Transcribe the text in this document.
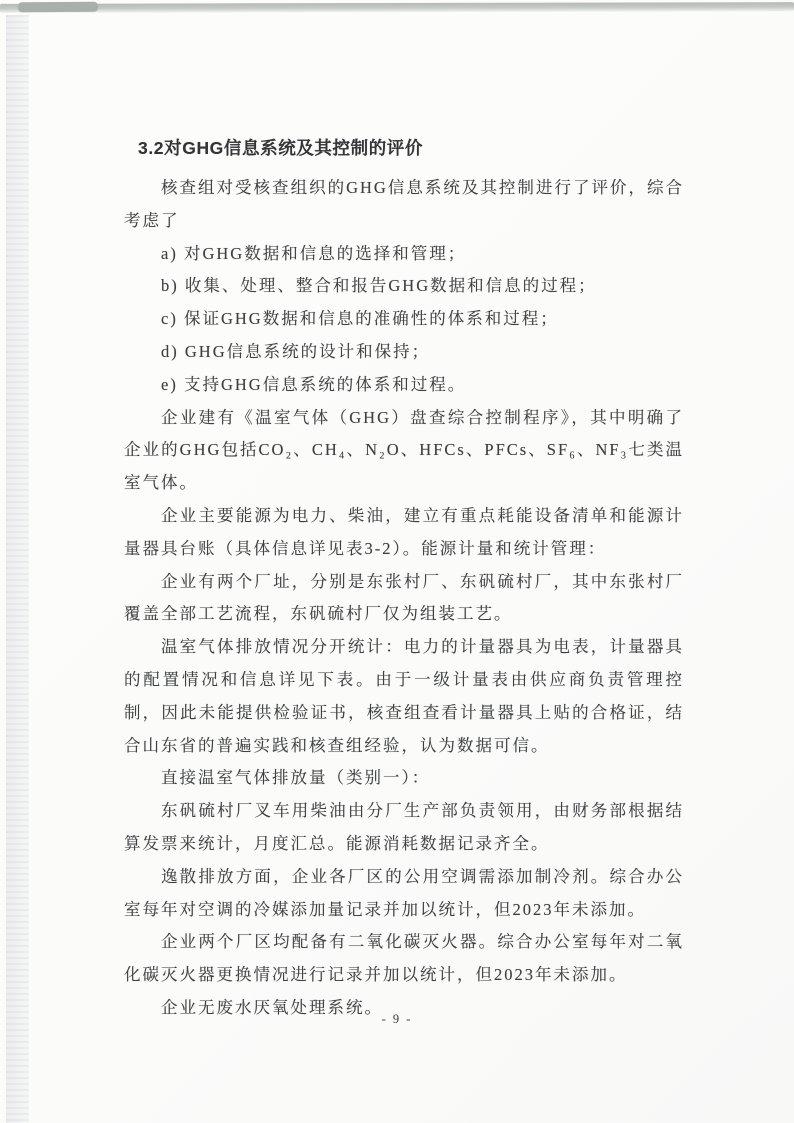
3.2对GHG信息系统及其控制的评价

核查组对受核查组织的GHG信息系统及其控制进行了评价，综合考虑了

a) 对GHG数据和信息的选择和管理；

b) 收集、处理、整合和报告GHG数据和信息的过程；

c) 保证GHG数据和信息的准确性的体系和过程；

d) GHG信息系统的设计和保持；

e) 支持GHG信息系统的体系和过程。

企业建有《温室气体（GHG）盘查综合控制程序》，其中明确了企业的GHG包括CO₂、CH₄、N₂O、HFCs、PFCs、SF₆、NF₃七类温室气体。

企业主要能源为电力、柴油，建立有重点耗能设备清单和能源计量器具台账（具体信息详见表3-2）。能源计量和统计管理：

企业有两个厂址，分别是东张村厂、东矾硫村厂，其中东张村厂覆盖全部工艺流程，东矾硫村厂仅为组装工艺。

温室气体排放情况分开统计：电力的计量器具为电表，计量器具的配置情况和信息详见下表。由于一级计量表由供应商负责管理控制，因此未能提供检验证书，核查组查看计量器具上贴的合格证，结合山东省的普遍实践和核查组经验，认为数据可信。

直接温室气体排放量（类别一）：

东矾硫村厂叉车用柴油由分厂生产部负责领用，由财务部根据结算发票来统计，月度汇总。能源消耗数据记录齐全。

逸散排放方面，企业各厂区的公用空调需添加制冷剂。综合办公室每年对空调的冷媒添加量记录并加以统计，但2023年未添加。

企业两个厂区均配备有二氧化碳灭火器。综合办公室每年对二氧化碳灭火器更换情况进行记录并加以统计，但2023年未添加。

企业无废水厌氧处理系统。

- 9 -
